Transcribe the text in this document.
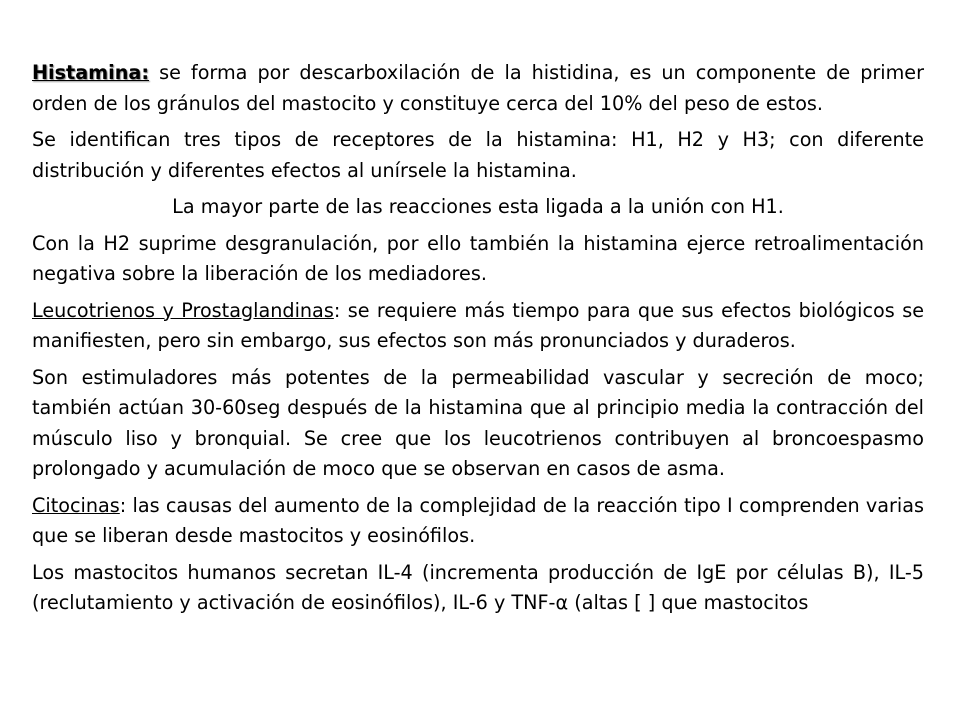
Histamina: se forma por descarboxilación de la histidina, es un componente de primer orden de los gránulos del mastocito y constituye cerca del 10% del peso de estos.

Se identifican tres tipos de receptores de la histamina: H1, H2 y H3; con diferente distribución y diferentes efectos al unírsele la histamina.

La mayor parte de las reacciones esta ligada a la unión con H1.

Con la H2 suprime desgranulación, por ello también la histamina ejerce retroalimentación negativa sobre la liberación de los mediadores.

Leucotrienos y Prostaglandinas: se requiere más tiempo para que sus efectos biológicos se manifiesten, pero sin embargo, sus efectos son más pronunciados y duraderos.

Son estimuladores más potentes de la permeabilidad vascular y secreción de moco; también actúan 30-60seg después de la histamina que al principio media la contracción del músculo liso y bronquial. Se cree que los leucotrienos contribuyen al broncoespasmo prolongado y acumulación de moco que se observan en casos de asma.

Citocinas: las causas del aumento de la complejidad de la reacción tipo I comprenden varias que se liberan desde mastocitos y eosinófilos.

Los mastocitos humanos secretan IL-4 (incrementa producción de IgE por células B), IL-5 (reclutamiento y activación de eosinófilos), IL-6 y TNF-α (altas [ ] que mastocitos
